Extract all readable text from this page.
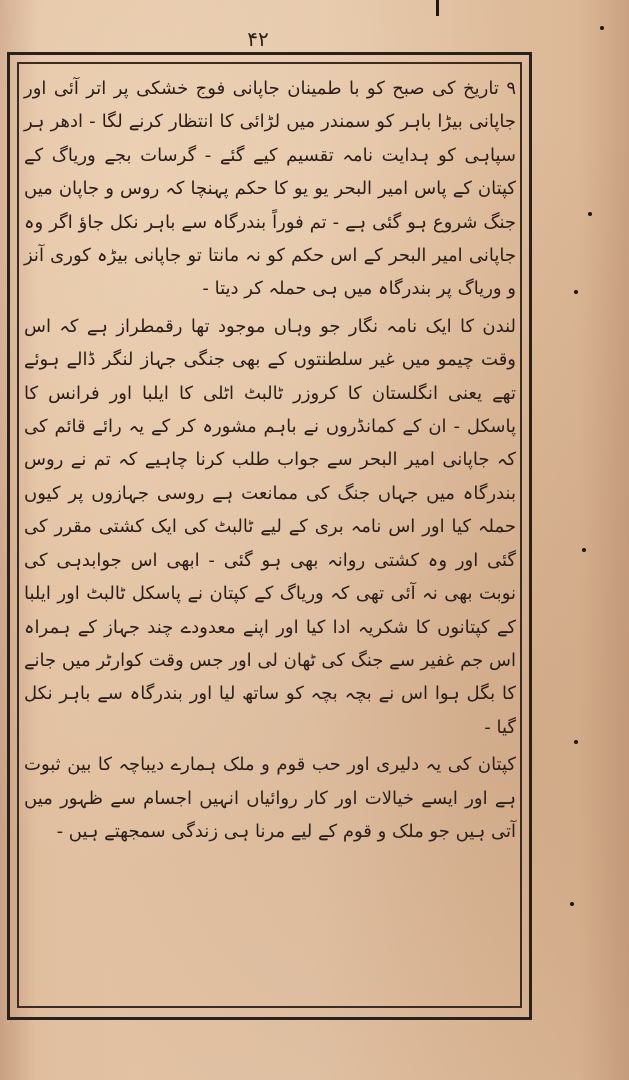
۴۲

۹ تاریخ کی صبح کو با طمینان جاپانی فوج خشکی پر اتر آئی اور جاپانی بیڑا باہر کو سمندر میں لڑائی کا انتظار کرنے لگا - ادھر ہر سپاہی کو ہدایت نامہ تقسیم کیے گئے - گرسات بجے وریاگ کے کپتان کے پاس امیر البحر یو یو کا حکم پہنچا کہ روس و جاپان میں جنگ شروع ہو گئی ہے - تم فوراً بندرگاہ سے باہر نکل جاؤ اگر وہ جاپانی امیر البحر کے اس حکم کو نہ مانتا تو جاپانی بیڑہ کوری آنز و وریاگ پر بندرگاہ میں ہی حملہ کر دیتا -

لندن کا ایک نامہ نگار جو وہاں موجود تھا رقمطراز ہے کہ اس وقت چیمو میں غیر سلطنتوں کے بھی جنگی جہاز لنگر ڈالے ہوئے تھے یعنی انگلستان کا کروزر ٹالبٹ اٹلی کا ایلبا اور فرانس کا پاسکل - ان کے کمانڈروں نے باہم مشورہ کر کے یہ رائے قائم کی کہ جاپانی امیر البحر سے جواب طلب کرنا چاہیے کہ تم نے روس بندرگاہ میں جہاں جنگ کی ممانعت ہے روسی جہازوں پر کیوں حملہ کیا اور اس نامہ بری کے لیے ٹالبٹ کی ایک کشتی مقرر کی گئی اور وہ کشتی روانہ بھی ہو گئی - ابھی اس جوابدہی کی نوبت بھی نہ آئی تھی کہ وریاگ کے کپتان نے پاسکل ٹالبٹ اور ایلبا کے کپتانوں کا شکریہ ادا کیا اور اپنے معدودے چند جہاز کے ہمراہ اس جم غفیر سے جنگ کی ٹھان لی اور جس وقت کوارٹر میں جانے کا بگل ہوا اس نے بچہ بچہ کو ساتھ لیا اور بندرگاہ سے باہر نکل گیا -

کپتان کی یہ دلیری اور حب قوم و ملک ہمارے دیباچہ کا بین ثبوت ہے اور ایسے خیالات اور کار روائیاں انہیں اجسام سے ظہور میں آتی ہیں جو ملک و قوم کے لیے مرنا ہی زندگی سمجھتے ہیں -
